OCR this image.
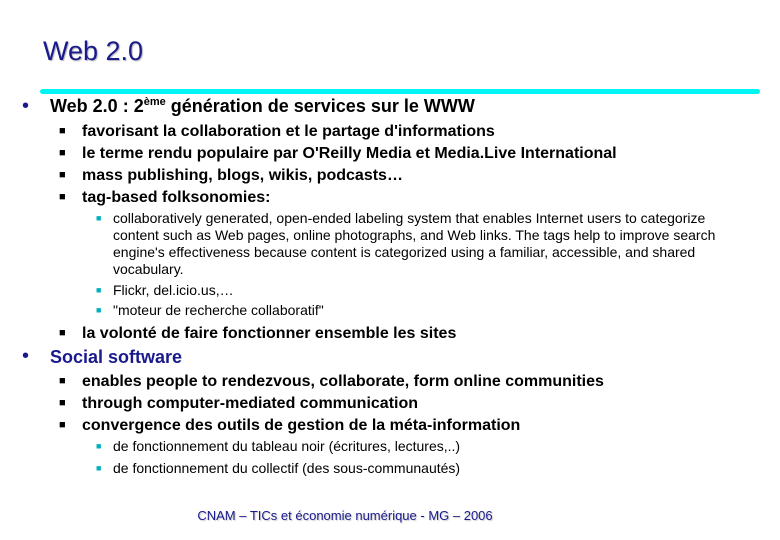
Web 2.0
• Web 2.0 : 2ème génération de services sur le WWW
■ favorisant la collaboration et le partage d'informations
■ le terme rendu populaire par O'Reilly Media et Media.Live International
■ mass publishing, blogs, wikis, podcasts…
■ tag-based folksonomies:
■ collaboratively generated, open-ended labeling system that enables Internet users to categorize content such as Web pages, online photographs, and Web links. The tags help to improve search engine's effectiveness because content is categorized using a familiar, accessible, and shared vocabulary.
■ Flickr, del.icio.us,…
■ "moteur de recherche collaboratif"
■ la volonté de faire fonctionner ensemble les sites
• Social software
■ enables people to rendezvous, collaborate, form online communities
■ through computer-mediated communication
■ convergence des outils de gestion de la méta-information
■ de fonctionnement du tableau noir (écritures, lectures,..)
■ de fonctionnement du collectif (des sous-communautés)
CNAM – TICs et économie numérique - MG – 2006
